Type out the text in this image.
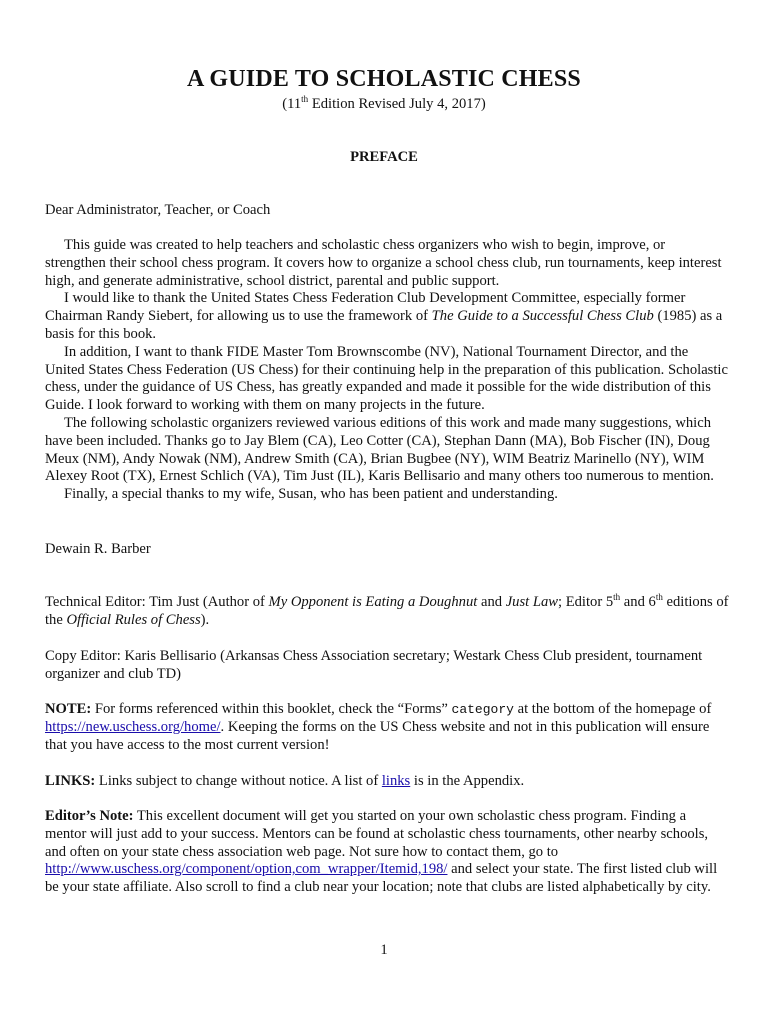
A GUIDE TO SCHOLASTIC CHESS
(11th Edition Revised July 4, 2017)
PREFACE
Dear Administrator, Teacher, or Coach

This guide was created to help teachers and scholastic chess organizers who wish to begin, improve, or strengthen their school chess program. It covers how to organize a school chess club, run tournaments, keep interest high, and generate administrative, school district, parental and public support.

I would like to thank the United States Chess Federation Club Development Committee, especially former Chairman Randy Siebert, for allowing us to use the framework of The Guide to a Successful Chess Club (1985) as a basis for this book.

In addition, I want to thank FIDE Master Tom Brownscombe (NV), National Tournament Director, and the United States Chess Federation (US Chess) for their continuing help in the preparation of this publication. Scholastic chess, under the guidance of US Chess, has greatly expanded and made it possible for the wide distribution of this Guide. I look forward to working with them on many projects in the future.

The following scholastic organizers reviewed various editions of this work and made many suggestions, which have been included. Thanks go to Jay Blem (CA), Leo Cotter (CA), Stephan Dann (MA), Bob Fischer (IN), Doug Meux (NM), Andy Nowak (NM), Andrew Smith (CA), Brian Bugbee (NY), WIM Beatriz Marinello (NY), WIM Alexey Root (TX), Ernest Schlich (VA), Tim Just (IL), Karis Bellisario and many others too numerous to mention.

Finally, a special thanks to my wife, Susan, who has been patient and understanding.

Dewain R. Barber
Technical Editor: Tim Just (Author of My Opponent is Eating a Doughnut and Just Law; Editor 5th and 6th editions of the Official Rules of Chess).
Copy Editor: Karis Bellisario (Arkansas Chess Association secretary; Westark Chess Club president, tournament organizer and club TD)
NOTE: For forms referenced within this booklet, check the “Forms” category at the bottom of the homepage of https://new.uschess.org/home/. Keeping the forms on the US Chess website and not in this publication will ensure that you have access to the most current version!
LINKS: Links subject to change without notice. A list of links is in the Appendix.
Editor’s Note: This excellent document will get you started on your own scholastic chess program. Finding a mentor will just add to your success. Mentors can be found at scholastic chess tournaments, other nearby schools, and often on your state chess association web page. Not sure how to contact them, go to http://www.uschess.org/component/option,com_wrapper/Itemid,198/ and select your state. The first listed club will be your state affiliate. Also scroll to find a club near your location; note that clubs are listed alphabetically by city.
1
